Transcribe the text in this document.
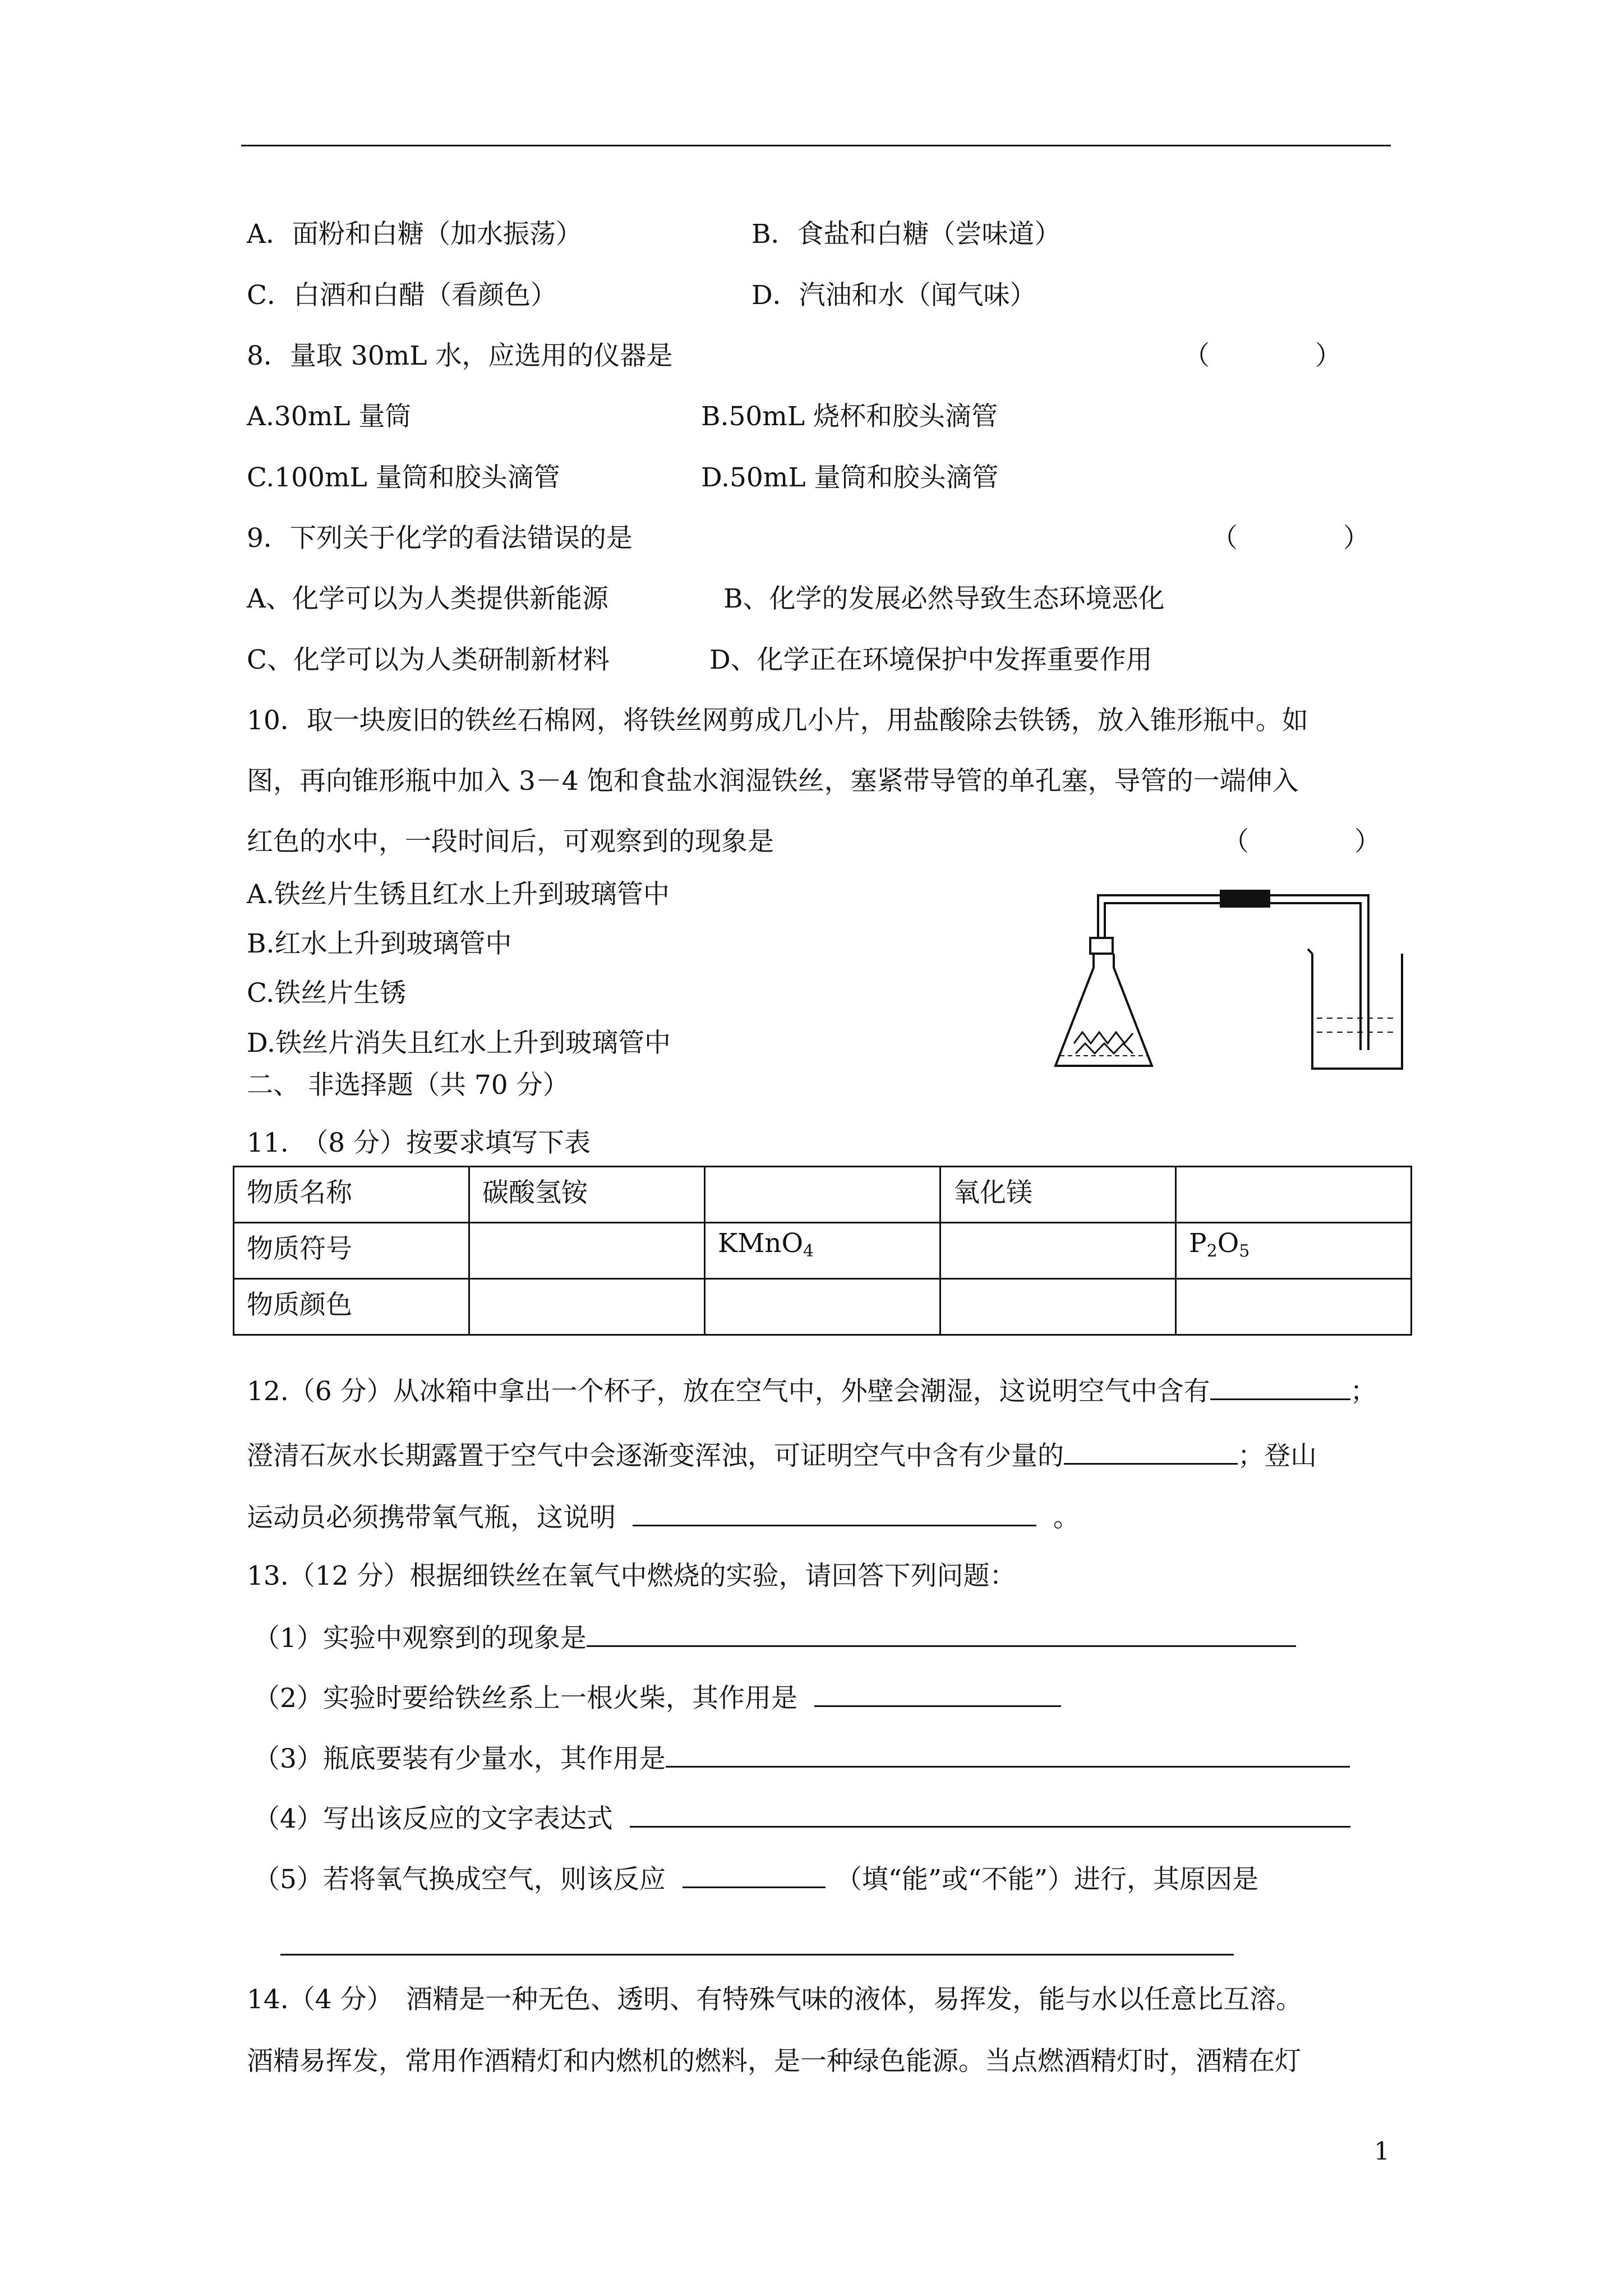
A．面粉和白糖（加水振荡）	B．食盐和白糖（尝味道）
C．白酒和白醋（看颜色）	D．汽油和水（闻气味）
8．量取 30mL 水，应选用的仪器是	（　　　　）
A.30mL 量筒	B.50mL 烧杯和胶头滴管
C.100mL 量筒和胶头滴管	D.50mL 量筒和胶头滴管
9．下列关于化学的看法错误的是	（　　　　）
A、化学可以为人类提供新能源	B、化学的发展必然导致生态环境恶化
C、化学可以为人类研制新材料	D、化学正在环境保护中发挥重要作用
10．取一块废旧的铁丝石棉网，将铁丝网剪成几小片，用盐酸除去铁锈，放入锥形瓶中。如
图，再向锥形瓶中加入 3－4 饱和食盐水润湿铁丝，塞紧带导管的单孔塞，导管的一端伸入
红色的水中，一段时间后，可观察到的现象是	（　　　　）
A.铁丝片生锈且红水上升到玻璃管中
B.红水上升到玻璃管中
C.铁丝片生锈
D.铁丝片消失且红水上升到玻璃管中
二、 非选择题（共 70 分）
11.　（8 分）按要求填写下表
物质名称	碳酸氢铵		氧化镁	
物质符号		KMnO$_4$		$P_2O_5$
物质颜色				
12.（6 分）从冰箱中拿出一个杯子，放在空气中，外壁会潮湿，这说明空气中含有	；
澄清石灰水长期露置于空气中会逐渐变浑浊，可证明空气中含有少量的	；登山
运动员必须携带氧气瓶，这说明	。
13.（12 分）根据细铁丝在氧气中燃烧的实验，请回答下列问题：
（1）实验中观察到的现象是
（2）实验时要给铁丝系上一根火柴，其作用是
（3）瓶底要装有少量水，其作用是
（4）写出该反应的文字表达式
（5）若将氧气换成空气，则该反应	（填“能”或“不能”）进行，其原因是
14.（4 分）　酒精是一种无色、透明、有特殊气味的液体，易挥发，能与水以任意比互溶。
酒精易挥发，常用作酒精灯和内燃机的燃料，是一种绿色能源。当点燃酒精灯时，酒精在灯
1
